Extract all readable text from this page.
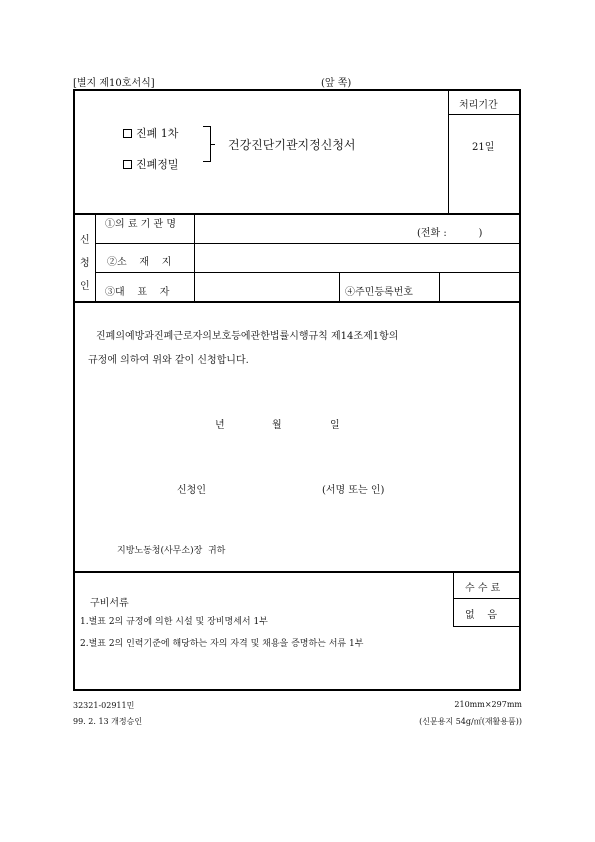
[별지 제10호서식]	(앞 쪽)
진폐 1차
진폐정밀
건강진단기관지정신청서
처리기간
21일
신
청
인
①의 료 기 관 명
(전화 :          )
②소    재    지
③대    표    자	④주민등록번호
진폐의예방과진폐근로자의보호등에관한법률시행규칙 제14조제1항의
규정에 의하여 위와 같이 신청합니다.
년	월	일
신청인	(서명 또는 인)
지방노동청(사무소)장  귀하
구비서류
1.별표 2의 규정에 의한 시설 및 장비명세서 1부
2.별표 2의 인력기준에 해당하는 자의 자격 및 채용을 증명하는 서류 1부
수 수 료
없    음
32321-02911민
99. 2. 13 개정승인
210mm×297mm
(신문용지 54g/㎡(재활용품))
